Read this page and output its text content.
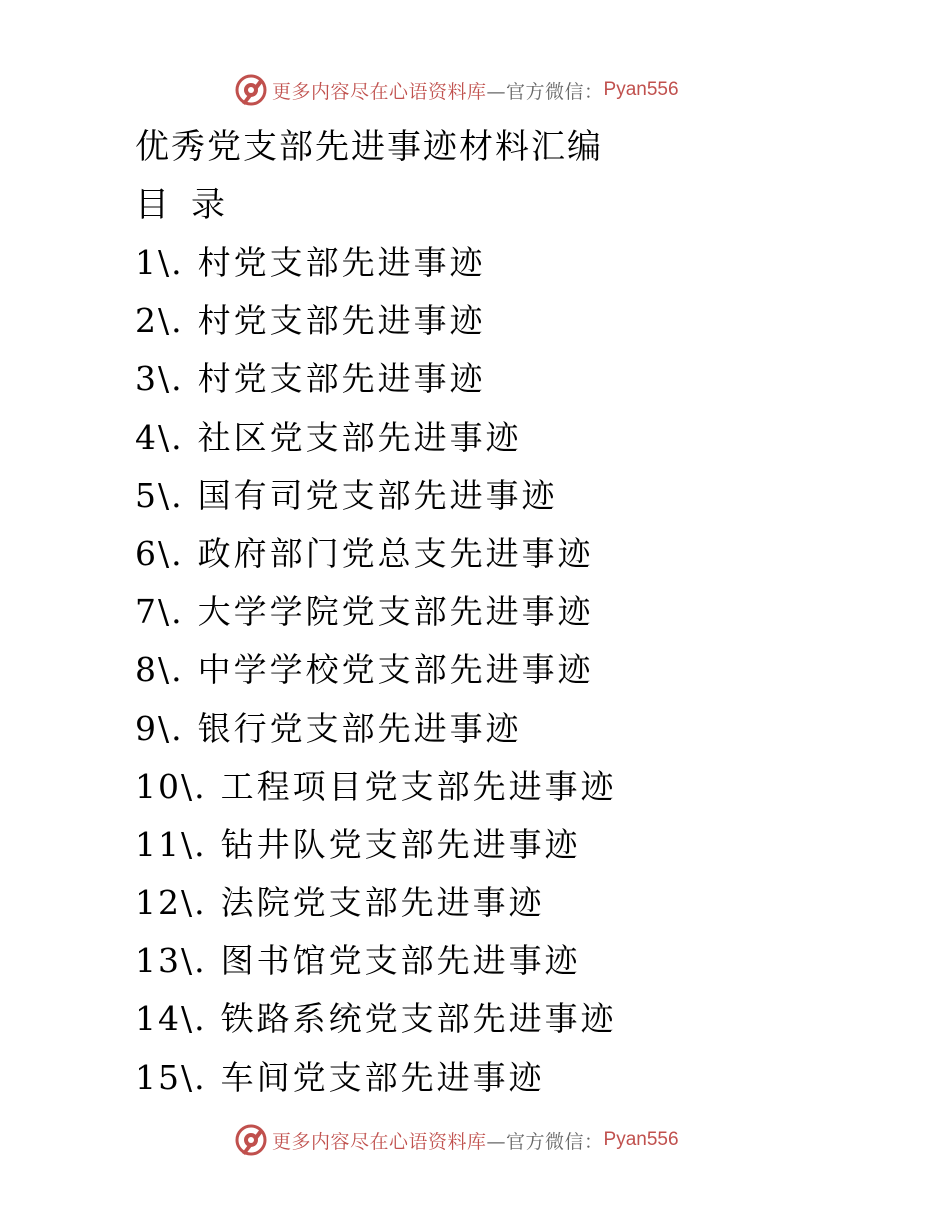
更多内容尽在心语资料库 —官方微信： Pyan556
优秀党支部先进事迹材料汇编
目 录
1\. 村党支部先进事迹
2\. 村党支部先进事迹
3\. 村党支部先进事迹
4\. 社区党支部先进事迹
5\. 国有司党支部先进事迹
6\. 政府部门党总支先进事迹
7\. 大学学院党支部先进事迹
8\. 中学学校党支部先进事迹
9\. 银行党支部先进事迹
10\. 工程项目党支部先进事迹
11\. 钻井队党支部先进事迹
12\. 法院党支部先进事迹
13\. 图书馆党支部先进事迹
14\. 铁路系统党支部先进事迹
15\. 车间党支部先进事迹
更多内容尽在心语资料库 —官方微信： Pyan556
